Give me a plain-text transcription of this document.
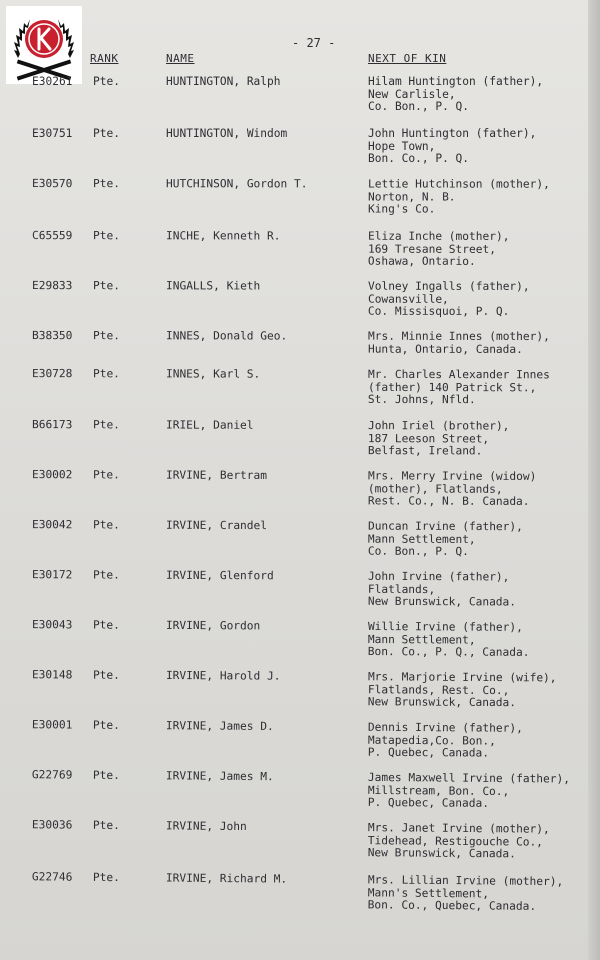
- 27 -
RANK	NAME	NEXT OF KIN
E30261 Pte.	HUNTINGTON, Ralph	Hilam Huntington (father),
New Carlisle,
Co. Bon., P. Q.
E30751 Pte.	HUNTINGTON, Windom	John Huntington (father),
Hope Town,
Bon. Co., P. Q.
E30570 Pte.	HUTCHINSON, Gordon T.	Lettie Hutchinson (mother),
Norton, N. B.
King's Co.
C65559 Pte.	INCHE, Kenneth R.	Eliza Inche (mother),
169 Tresane Street,
Oshawa, Ontario.
E29833 Pte.	INGALLS, Kieth	Volney Ingalls (father),
Cowansville,
Co. Missisquoi, P. Q.
B38350 Pte.	INNES, Donald Geo.	Mrs. Minnie Innes (mother),
Hunta, Ontario, Canada.
E30728 Pte.	INNES, Karl S.	Mr. Charles Alexander Innes
(father) 140 Patrick St.,
St. Johns, Nfld.
B66173 Pte.	IRIEL, Daniel	John Iriel (brother),
187 Leeson Street,
Belfast, Ireland.
E30002 Pte.	IRVINE, Bertram	Mrs. Merry Irvine (widow)
(mother), Flatlands,
Rest. Co., N. B. Canada.
E30042 Pte.	IRVINE, Crandel	Duncan Irvine (father),
Mann Settlement,
Co. Bon., P. Q.
E30172 Pte.	IRVINE, Glenford	John Irvine (father),
Flatlands,
New Brunswick, Canada.
E30043 Pte.	IRVINE, Gordon	Willie Irvine (father),
Mann Settlement,
Bon. Co., P. Q., Canada.
E30148 Pte.	IRVINE, Harold J.	Mrs. Marjorie Irvine (wife),
Flatlands, Rest. Co.,
New Brunswick, Canada.
E30001 Pte.	IRVINE, James D.	Dennis Irvine (father),
Matapedia,Co. Bon.,
P. Quebec, Canada.
G22769 Pte.	IRVINE, James M.	James Maxwell Irvine (father),
Millstream, Bon. Co.,
P. Quebec, Canada.
E30036 Pte.	IRVINE, John	Mrs. Janet Irvine (mother),
Tidehead, Restigouche Co.,
New Brunswick, Canada.
G22746 Pte.	IRVINE, Richard M.	Mrs. Lillian Irvine (mother),
Mann's Settlement,
Bon. Co., Quebec, Canada.
